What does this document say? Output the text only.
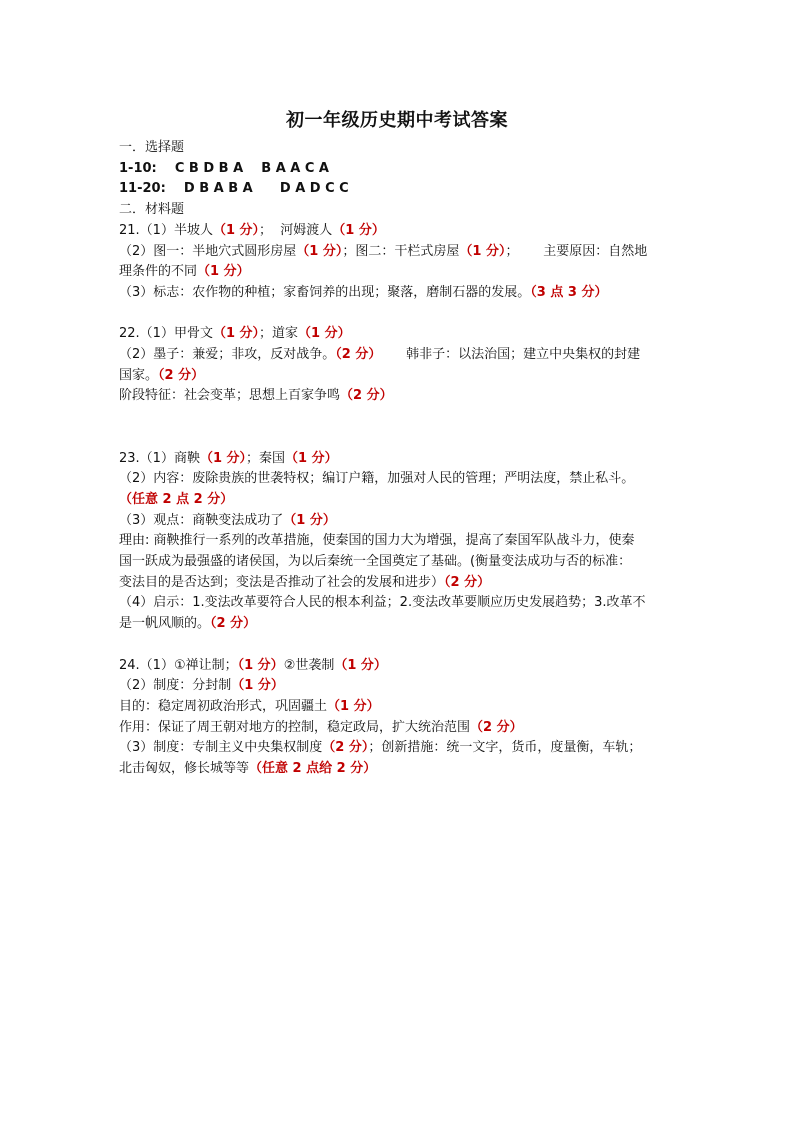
初一年级历史期中考试答案
一．选择题
1-10: C B D B A    B A A C A
11-20: D B A B A      D A D C C
二．材料题
21.（1）半坡人（1 分）；  河姆渡人（1 分）
（2）图一：半地穴式圆形房屋（1 分）；图二：干栏式房屋（1 分）；      主要原因：自然地
理条件的不同（1 分）
（3）标志：农作物的种植；家畜饲养的出现；聚落，磨制石器的发展。（3 点 3 分）
22.（1）甲骨文（1 分）；道家（1 分）
（2）墨子：兼爱；非攻，反对战争。（2 分）      韩非子：以法治国；建立中央集权的封建
国家。（2 分）
阶段特征：社会变革；思想上百家争鸣（2 分）
23.（1）商鞅（1 分）；秦国（1 分）
（2）内容：废除贵族的世袭特权；编订户籍，加强对人民的管理；严明法度，禁止私斗。
（任意 2 点 2 分）
（3）观点：商鞅变法成功了（1 分）
理由: 商鞅推行一系列的改革措施，使秦国的国力大为增强，提高了秦国军队战斗力，使秦
国一跃成为最强盛的诸侯国，为以后秦统一全国奠定了基础。(衡量变法成功与否的标准：
变法目的是否达到；变法是否推动了社会的发展和进步）（2 分）
（4）启示：1.变法改革要符合人民的根本利益；2.变法改革要顺应历史发展趋势；3.改革不
是一帆风顺的。（2 分）
24.（1）①禅让制；（1 分）②世袭制（1 分）
（2）制度：分封制（1 分）
目的：稳定周初政治形式，巩固疆土（1 分）
作用：保证了周王朝对地方的控制，稳定政局，扩大统治范围（2 分）
（3）制度：专制主义中央集权制度（2 分）；创新措施：统一文字，货币，度量衡，车轨；
北击匈奴，修长城等等（任意 2 点给 2 分）
